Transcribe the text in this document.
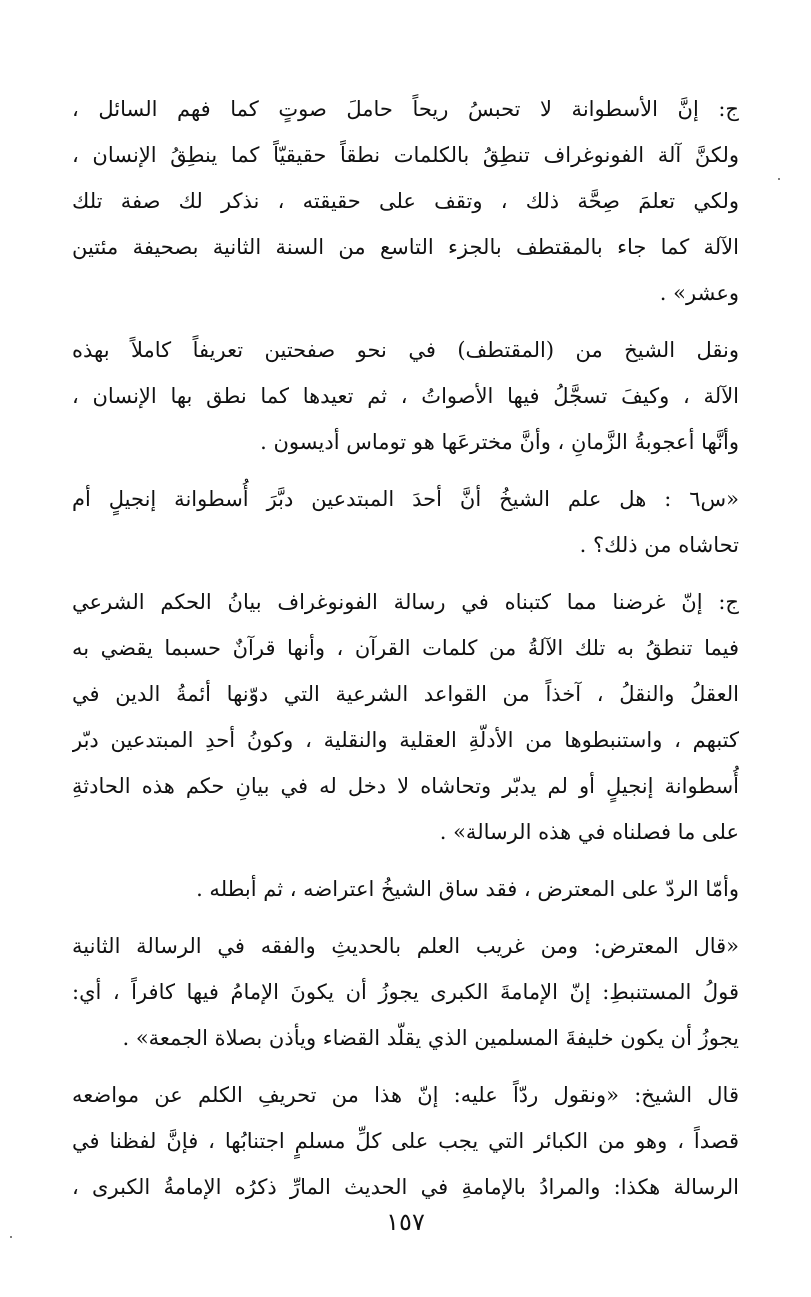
ج: إنَّ الأسطوانة لا تحبسُ ريحاً حاملَ صوتٍ كما فهم السائل ،
ولكنَّ آلة الفونوغراف تنطِقُ بالكلمات نطقاً حقيقيّاً كما ينطِقُ الإنسان ،
ولكي تعلمَ صِحَّة ذلك ، وتقف على حقيقته ، نذكر لك صفة تلك
الآلة كما جاء بالمقتطف بالجزء التاسع من السنة الثانية بصحيفة مئتين
وعشر» .
ونقل الشيخ من (المقتطف) في نحو صفحتين تعريفاً كاملاً بهذه
الآلة ، وكيفَ تسجَّلُ فيها الأصواتُ ، ثم تعيدها كما نطق بها الإنسان ،
وأنَّها أعجوبةُ الزَّمانِ ، وأنَّ مخترعَها هو توماس أديسون .
«س٦ : هل علم الشيخُ أنَّ أحدَ المبتدعين دبَّرَ أُسطوانة إنجيلٍ أم
تحاشاه من ذلك؟ .
ج: إنّ غرضنا مما كتبناه في رسالة الفونوغراف بيانُ الحكم الشرعي
فيما تنطقُ به تلك الآلةُ من كلمات القرآن ، وأنها قرآنٌ حسبما يقضي به
العقلُ والنقلُ ، آخذاً من القواعد الشرعية التي دوّنها أئمةُ الدين في
كتبهم ، واستنبطوها من الأدلّةِ العقلية والنقلية ، وكونُ أحدِ المبتدعين دبّر
أُسطوانة إنجيلٍ أو لم يدبّر وتحاشاه لا دخل له في بيانِ حكم هذه الحادثةِ
على ما فصلناه في هذه الرسالة» .
وأمّا الردّ على المعترض ، فقد ساق الشيخُ اعتراضه ، ثم أبطله .
«قال المعترض: ومن غريب العلم بالحديثِ والفقه في الرسالة الثانية
قولُ المستنبطِ: إنّ الإمامةَ الكبرى يجوزُ أن يكونَ الإمامُ فيها كافراً ، أي:
يجوزُ أن يكون خليفةَ المسلمين الذي يقلّد القضاء ويأذن بصلاة الجمعة» .
قال الشيخ: «ونقول ردّاً عليه: إنّ هذا من تحريفِ الكلم عن مواضعه
قصداً ، وهو من الكبائر التي يجب على كلِّ مسلمٍ اجتنابُها ، فإنَّ لفظنا في
الرسالة هكذا: والمرادُ بالإمامةِ في الحديث المارِّ ذكرُه الإمامةُ الكبرى ،
١٥٧
